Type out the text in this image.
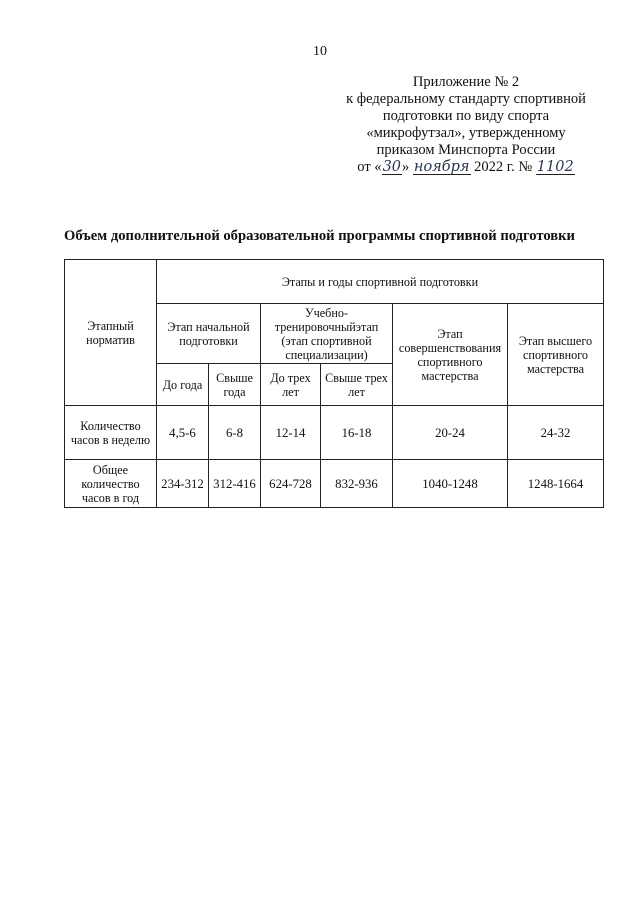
10
Приложение № 2
к федеральному стандарту спортивной
подготовки по виду спорта
«микрофутзал», утвержденному
приказом Минспорта России
от «30» ноября 2022 г. № 1102
Объем дополнительной образовательной программы спортивной подготовки
Этапный норматив	Этапы и годы спортивной подготовки					
	Этап начальной подготовки		Учебно-тренировочныйэтап (этап спортивной специализации)		Этап совершенствования спортивного мастерства	Этап высшего спортивного мастерства
	До года	Свыше года	До трех лет	Свыше трех лет		
Количество часов в неделю	4,5-6	6-8	12-14	16-18	20-24	24-32
Общее количество часов в год	234-312	312-416	624-728	832-936	1040-1248	1248-1664
